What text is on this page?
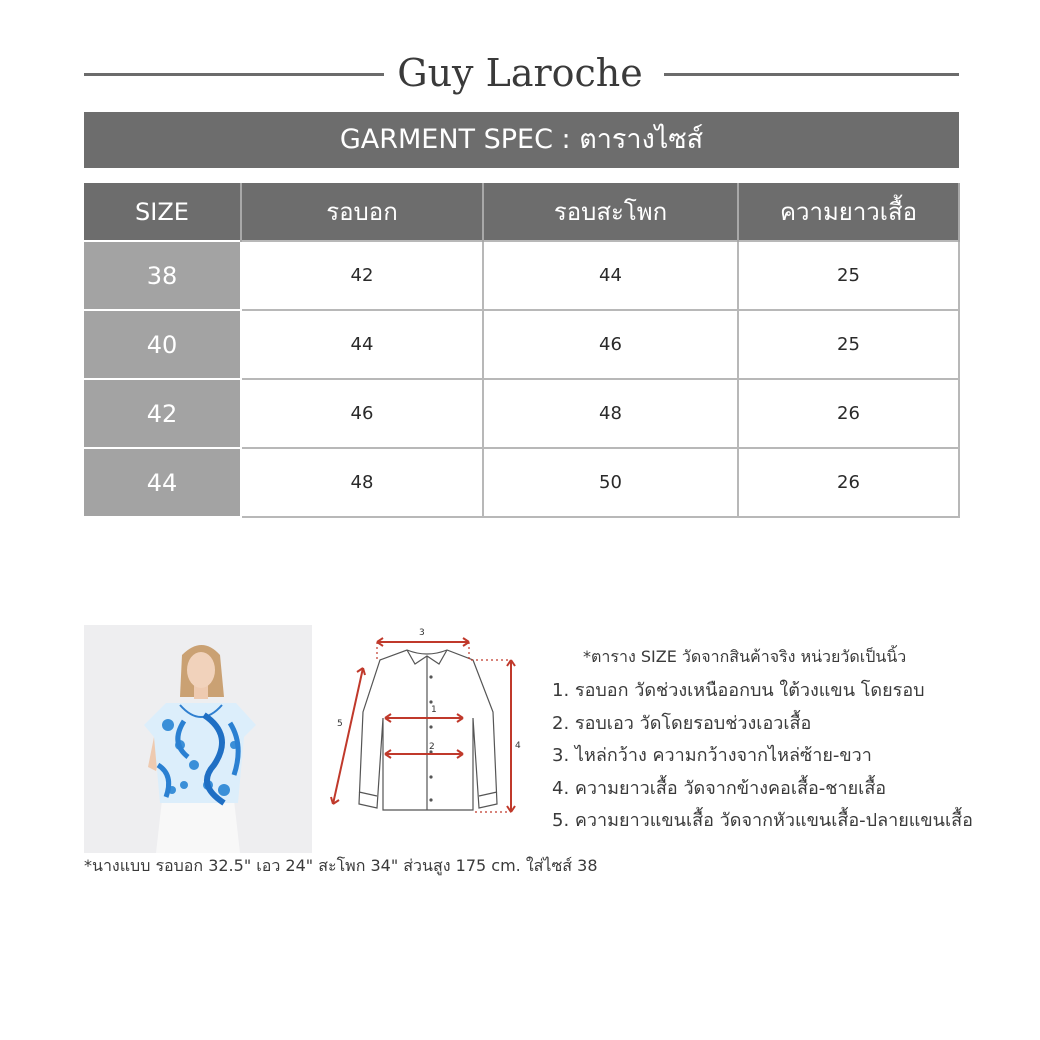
Guy Laroche
GARMENT SPEC : ตารางไซส์
SIZE	รอบอก	รอบสะโพก	ความยาวเสื้อ
38	42	44	25
40	44	46	25
42	46	48	26
44	48	50	26
1
2
3
4
5
*ตาราง SIZE วัดจากสินค้าจริง หน่วยวัดเป็นนิ้ว
1. รอบอก วัดช่วงเหนืออกบน ใต้วงแขน โดยรอบ
2. รอบเอว วัดโดยรอบช่วงเอวเสื้อ
3. ไหล่กว้าง ความกว้างจากไหล่ซ้าย-ขวา
4. ความยาวเสื้อ วัดจากข้างคอเสื้อ-ชายเสื้อ
5. ความยาวแขนเสื้อ วัดจากหัวแขนเสื้อ-ปลายแขนเสื้อ
*นางแบบ รอบอก 32.5" เอว 24" สะโพก 34" ส่วนสูง 175 cm. ใส่ไซส์ 38
